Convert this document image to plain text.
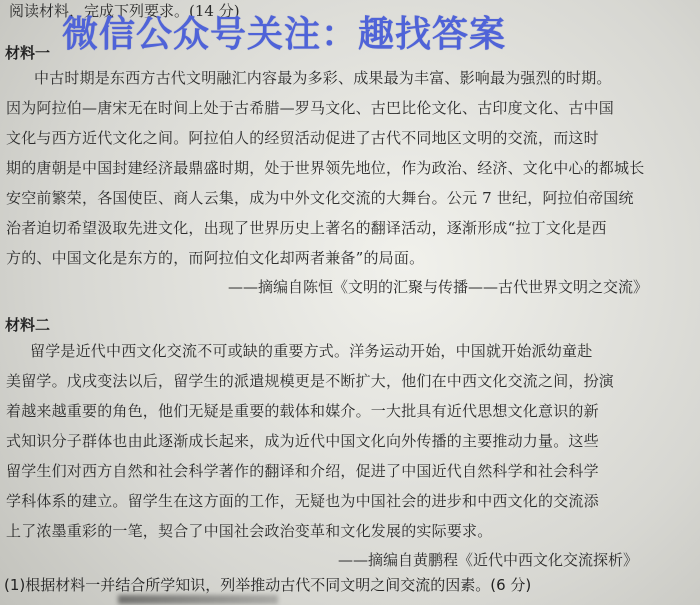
阅读材料，完成下列要求。(14 分)
微信公众号关注：趣找答案
材料一
中古时期是东西方古代文明融汇内容最为多彩、成果最为丰富、影响最为强烈的时期。
因为阿拉伯—唐宋无在时间上处于古希腊—罗马文化、古巴比伦文化、古印度文化、古中国
文化与西方近代文化之间。阿拉伯人的经贸活动促进了古代不同地区文明的交流，而这时
期的唐朝是中国封建经济最鼎盛时期，处于世界领先地位，作为政治、经济、文化中心的都城长
安空前繁荣，各国使臣、商人云集，成为中外文化交流的大舞台。公元 7 世纪，阿拉伯帝国统
治者迫切希望汲取先进文化，出现了世界历史上著名的翻译活动，逐渐形成“拉丁文化是西
方的、中国文化是东方的，而阿拉伯文化却两者兼备”的局面。
——摘编自陈恒《文明的汇聚与传播——古代世界文明之交流》
材料二
留学是近代中西文化交流不可或缺的重要方式。洋务运动开始，中国就开始派幼童赴
美留学。戊戌变法以后，留学生的派遣规模更是不断扩大，他们在中西文化交流之间，扮演
着越来越重要的角色，他们无疑是重要的载体和媒介。一大批具有近代思想文化意识的新
式知识分子群体也由此逐渐成长起来，成为近代中国文化向外传播的主要推动力量。这些
留学生们对西方自然和社会科学著作的翻译和介绍，促进了中国近代自然科学和社会科学
学科体系的建立。留学生在这方面的工作，无疑也为中国社会的进步和中西文化的交流添
上了浓墨重彩的一笔，契合了中国社会政治变革和文化发展的实际要求。
——摘编自黄鹏程《近代中西文化交流探析》
(1)根据材料一并结合所学知识，列举推动古代不同文明之间交流的因素。(6 分)
